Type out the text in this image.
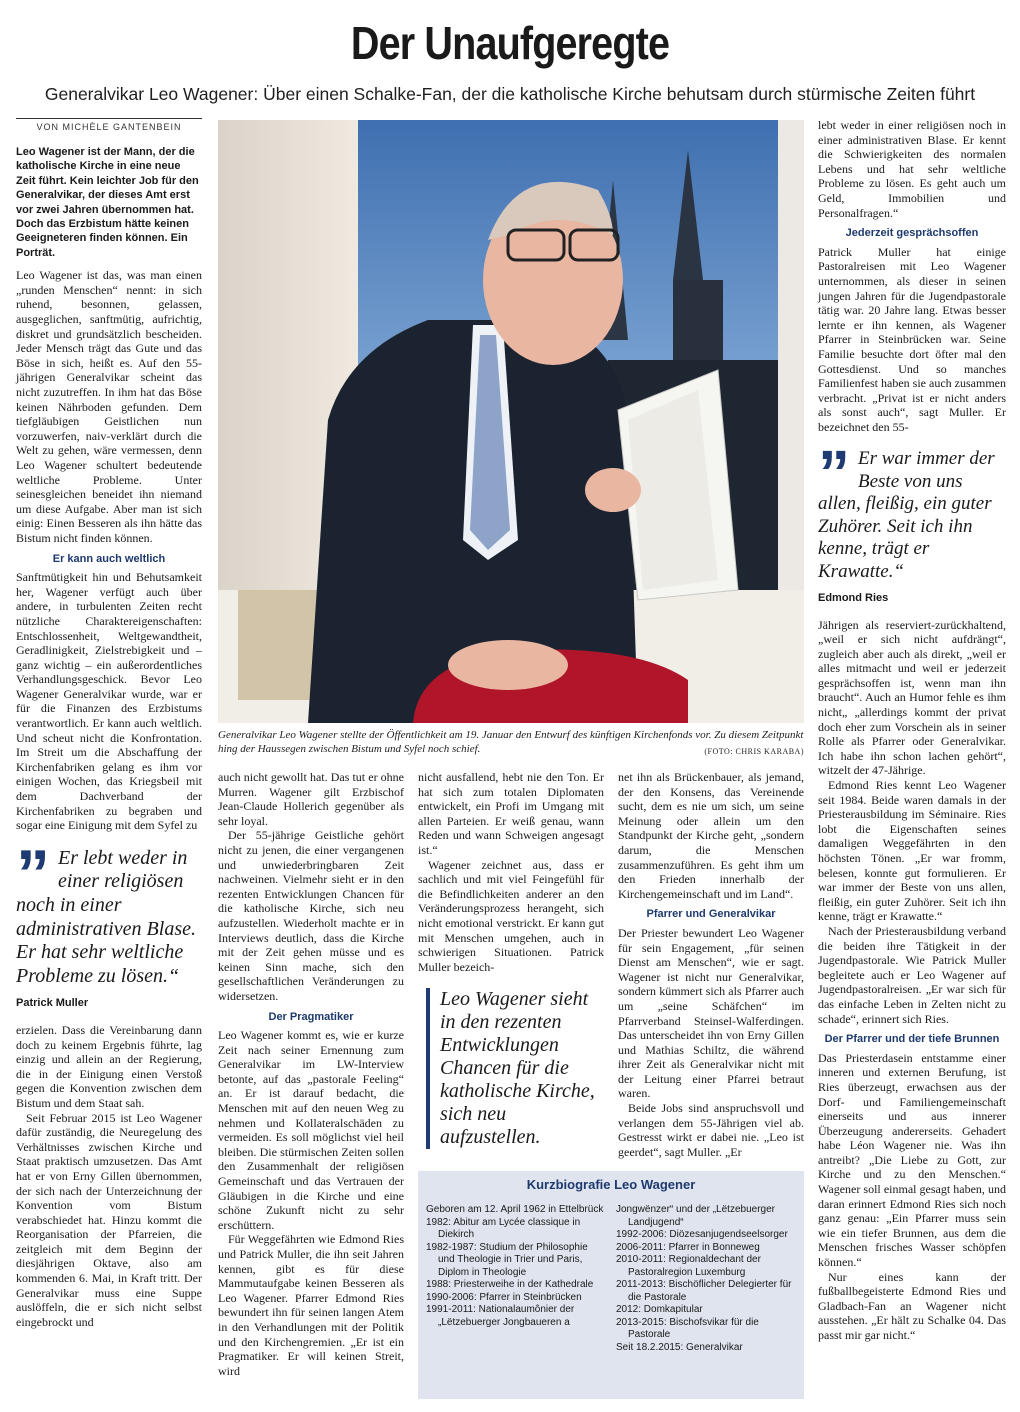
Der Unaufgeregte
Generalvikar Leo Wagener: Über einen Schalke-Fan, der die katholische Kirche behutsam durch stürmische Zeiten führt
VON MICHÈLE GANTENBEIN

Leo Wagener ist der Mann, der die katholische Kirche in eine neue Zeit führt. Kein leichter Job für den Generalvikar, der dieses Amt erst vor zwei Jahren übernommen hat. Doch das Erzbistum hätte keinen Geeigneteren finden können. Ein Porträt.

Leo Wagener ist das, was man einen „runden Menschen“ nennt: in sich ruhend, besonnen, gelassen, ausgeglichen, sanftmütig, aufrichtig, diskret und grundsätzlich bescheiden. Jeder Mensch trägt das Gute und das Böse in sich, heißt es. Auf den 55-jährigen Generalvikar scheint das nicht zuzutreffen. In ihm hat das Böse keinen Nährboden gefunden. Dem tiefgläubigen Geistlichen nun vorzuwerfen, naiv-verklärt durch die Welt zu gehen, wäre vermessen, denn Leo Wagener schultert bedeutende weltliche Probleme. Unter seinesgleichen beneidet ihn niemand um diese Aufgabe. Aber man ist sich einig: Einen Besseren als ihn hätte das Bistum nicht finden können.

Er kann auch weltlich

Sanftmütigkeit hin und Behutsamkeit her, Wagener verfügt auch über andere, in turbulenten Zeiten recht nützliche Charaktereigenschaften: Entschlossenheit, Weltgewandtheit, Geradlinigkeit, Zielstrebigkeit und – ganz wichtig – ein außerordentliches Verhandlungsgeschick. Bevor Leo Wagener Generalvikar wurde, war er für die Finanzen des Erzbistums verantwortlich. Er kann auch weltlich. Und scheut nicht die Konfrontation. Im Streit um die Abschaffung der Kirchenfabriken gelang es ihm vor einigen Wochen, das Kriegsbeil mit dem Dachverband der Kirchenfabriken zu begraben und sogar eine Einigung mit dem Syfel zu

” Er lebt weder in einer religiösen noch in einer administrativen Blase. Er hat sehr weltliche Probleme zu lösen.“
Patrick Muller

erzielen. Dass die Vereinbarung dann doch zu keinem Ergebnis führte, lag einzig und allein an der Regierung, die in der Einigung einen Verstoß gegen die Konvention zwischen dem Bistum und dem Staat sah.

Seit Februar 2015 ist Leo Wagener dafür zuständig, die Neuregelung des Verhältnisses zwischen Kirche und Staat praktisch umzusetzen. Das Amt hat er von Erny Gillen übernommen, der sich nach der Unterzeichnung der Konvention vom Bistum verabschiedet hat. Hinzu kommt die Reorganisation der Pfarreien, die zeitgleich mit dem Beginn der diesjährigen Oktave, also am kommenden 6. Mai, in Kraft tritt. Der Generalvikar muss eine Suppe auslöffeln, die er sich nicht selbst eingebrockt und

Generalvikar Leo Wagener stellte der Öffentlichkeit am 19. Januar den Entwurf des künftigen Kirchenfonds vor. Zu diesem Zeitpunkt hing der Haussegen zwischen Bistum und Syfel noch schief.	(FOTO: CHRIS KARABA)

auch nicht gewollt hat. Das tut er ohne Murren. Wagener gilt Erzbischof Jean-Claude Hollerich gegenüber als sehr loyal.

Der 55-jährige Geistliche gehört nicht zu jenen, die einer vergangenen und unwiederbringbaren Zeit nachweinen. Vielmehr sieht er in den rezenten Entwicklungen Chancen für die katholische Kirche, sich neu aufzustellen. Wiederholt machte er in Interviews deutlich, dass die Kirche mit der Zeit gehen müsse und es keinen Sinn mache, sich den gesellschaftlichen Veränderungen zu widersetzen.

Der Pragmatiker

Leo Wagener kommt es, wie er kurze Zeit nach seiner Ernennung zum Generalvikar im LW-Interview betonte, auf das „pastorale Feeling“ an. Er ist darauf bedacht, die Menschen mit auf den neuen Weg zu nehmen und Kollateralschäden zu vermeiden. Es soll möglichst viel heil bleiben. Die stürmischen Zeiten sollen den Zusammenhalt der religiösen Gemeinschaft und das Vertrauen der Gläubigen in die Kirche und eine schöne Zukunft nicht zu sehr erschüttern.

Für Weggefährten wie Edmond Ries und Patrick Muller, die ihn seit Jahren kennen, gibt es für diese Mammutaufgabe keinen Besseren als Leo Wagener. Pfarrer Edmond Ries bewundert ihn für seinen langen Atem in den Verhandlungen mit der Politik und den Kirchengremien. „Er ist ein Pragmatiker. Er will keinen Streit, wird

nicht ausfallend, hebt nie den Ton. Er hat sich zum totalen Diplomaten entwickelt, ein Profi im Umgang mit allen Parteien. Er weiß genau, wann Reden und wann Schweigen angesagt ist.“

Wagener zeichnet aus, dass er sachlich und mit viel Feingefühl für die Befindlichkeiten anderer an den Veränderungsprozess herangeht, sich nicht emotional verstrickt. Er kann gut mit Menschen umgehen, auch in schwierigen Situationen. Patrick Muller bezeich-

Leo Wagener sieht in den rezenten Entwicklungen Chancen für die katholische Kirche, sich neu aufzustellen.

net ihn als Brückenbauer, als jemand, der den Konsens, das Vereinende sucht, dem es nie um sich, um seine Meinung oder allein um den Standpunkt der Kirche geht, „sondern darum, die Menschen zusammenzuführen. Es geht ihm um den Frieden innerhalb der Kirchengemeinschaft und im Land“.

Pfarrer und Generalvikar

Der Priester bewundert Leo Wagener für sein Engagement, „für seinen Dienst am Menschen“, wie er sagt. Wagener ist nicht nur Generalvikar, sondern kümmert sich als Pfarrer auch um „seine Schäfchen“ im Pfarrverband Steinsel-Walferdingen. Das unterscheidet ihn von Erny Gillen und Mathias Schiltz, die während ihrer Zeit als Generalvikar nicht mit der Leitung einer Pfarrei betraut waren.

Beide Jobs sind anspruchsvoll und verlangen dem 55-Jährigen viel ab. Gestresst wirkt er dabei nie. „Leo ist geerdet“, sagt Muller. „Er

Kurzbiografie Leo Wagener
Geboren am 12. April 1962 in Ettelbrück
1982: Abitur am Lycée classique in Diekirch
1982-1987: Studium der Philosophie und Theologie in Trier und Paris, Diplom in Theologie
1988: Priesterweihe in der Kathedrale
1990-2006: Pfarrer in Steinbrücken
1991-2011: Nationalaumônier der „Lëtzebuerger Jongbaueren a
Jongwënzer“ und der „Lëtzebuerger Landjugend“
1992-2006: Diözesanjugendseelsorger
2006-2011: Pfarrer in Bonneweg
2010-2011: Regionaldechant der Pastoralregion Luxemburg
2011-2013: Bischöflicher Delegierter für die Pastorale
2012: Domkapitular
2013-2015: Bischofsvikar für die Pastorale
Seit 18.2.2015: Generalvikar

lebt weder in einer religiösen noch in einer administrativen Blase. Er kennt die Schwierigkeiten des normalen Lebens und hat sehr weltliche Probleme zu lösen. Es geht auch um Geld, Immobilien und Personalfragen.“

Jederzeit gesprächsoffen

Patrick Muller hat einige Pastoralreisen mit Leo Wagener unternommen, als dieser in seinen jungen Jahren für die Jugendpastorale tätig war. 20 Jahre lang. Etwas besser lernte er ihn kennen, als Wagener Pfarrer in Steinbrücken war. Seine Familie besuchte dort öfter mal den Gottesdienst. Und so manches Familienfest haben sie auch zusammen verbracht. „Privat ist er nicht anders als sonst auch“, sagt Muller. Er bezeichnet den 55-

” Er war immer der Beste von uns allen, fleißig, ein guter Zuhörer. Seit ich ihn kenne, trägt er Krawatte.“
Edmond Ries

Jährigen als reserviert-zurückhaltend, „weil er sich nicht aufdrängt“, zugleich aber auch als direkt, „weil er alles mitmacht und weil er jederzeit gesprächsoffen ist, wenn man ihn braucht“. Auch an Humor fehle es ihm nicht„ „allerdings kommt der privat doch eher zum Vorschein als in seiner Rolle als Pfarrer oder Generalvikar. Ich habe ihn schon lachen gehört“, witzelt der 47-Jährige.

Edmond Ries kennt Leo Wagener seit 1984. Beide waren damals in der Priesterausbildung im Séminaire. Ries lobt die Eigenschaften seines damaligen Weggefährten in den höchsten Tönen. „Er war fromm, belesen, konnte gut formulieren. Er war immer der Beste von uns allen, fleißig, ein guter Zuhörer. Seit ich ihn kenne, trägt er Krawatte.“

Nach der Priesterausbildung verband die beiden ihre Tätigkeit in der Jugendpastorale. Wie Patrick Muller begleitete auch er Leo Wagener auf Jugendpastoralreisen. „Er war sich für das einfache Leben in Zelten nicht zu schade“, erinnert sich Ries.

Der Pfarrer und der tiefe Brunnen

Das Priesterdasein entstamme einer inneren und externen Berufung, ist Ries überzeugt, erwachsen aus der Dorf- und Familiengemeinschaft einerseits und aus innerer Überzeugung andererseits. Gehadert habe Léon Wagener nie. Was ihn antreibt? „Die Liebe zu Gott, zur Kirche und zu den Menschen.“ Wagener soll einmal gesagt haben, und daran erinnert Edmond Ries sich noch ganz genau: „Ein Pfarrer muss sein wie ein tiefer Brunnen, aus dem die Menschen frisches Wasser schöpfen können.“

Nur eines kann der fußballbegeisterte Edmond Ries und Gladbach-Fan an Wagener nicht ausstehen. „Er hält zu Schalke 04. Das passt mir gar nicht.“
